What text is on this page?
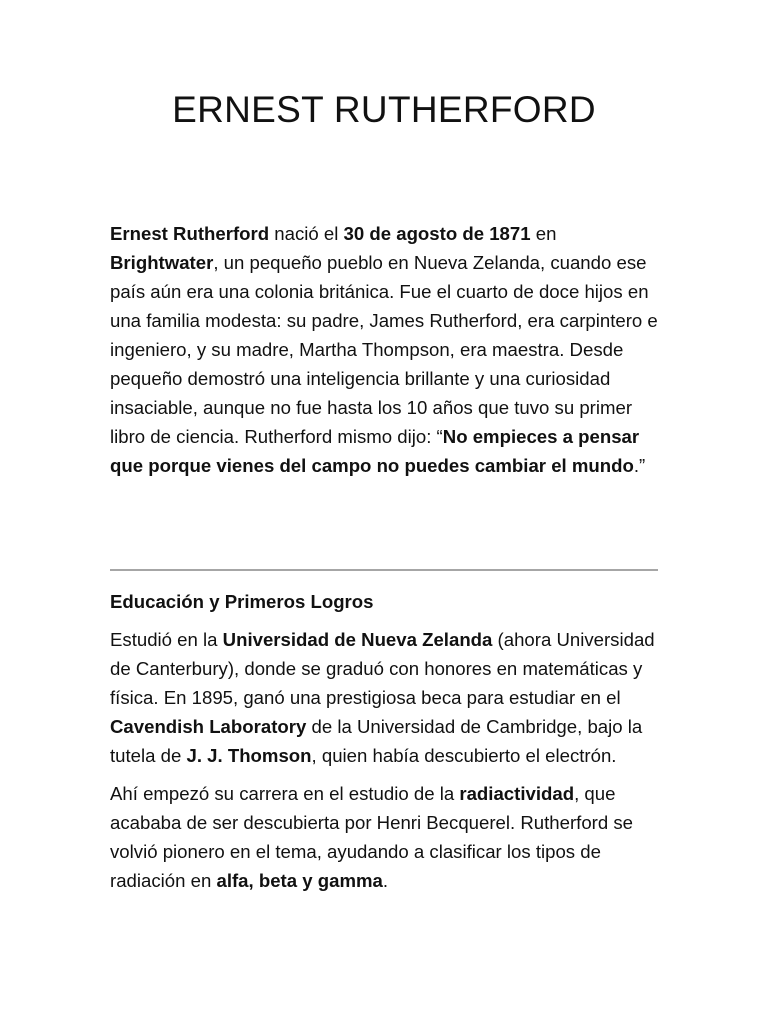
ERNEST RUTHERFORD

Ernest Rutherford nació el 30 de agosto de 1871 en Brightwater, un pequeño pueblo en Nueva Zelanda, cuando ese país aún era una colonia británica. Fue el cuarto de doce hijos en una familia modesta: su padre, James Rutherford, era carpintero e ingeniero, y su madre, Martha Thompson, era maestra. Desde pequeño demostró una inteligencia brillante y una curiosidad insaciable, aunque no fue hasta los 10 años que tuvo su primer libro de ciencia. Rutherford mismo dijo: “No empieces a pensar que porque vienes del campo no puedes cambiar el mundo.”

Educación y Primeros Logros

Estudió en la Universidad de Nueva Zelanda (ahora Universidad de Canterbury), donde se graduó con honores en matemáticas y física. En 1895, ganó una prestigiosa beca para estudiar en el Cavendish Laboratory de la Universidad de Cambridge, bajo la tutela de J. J. Thomson, quien había descubierto el electrón.

Ahí empezó su carrera en el estudio de la radiactividad, que acababa de ser descubierta por Henri Becquerel. Rutherford se volvió pionero en el tema, ayudando a clasificar los tipos de radiación en alfa, beta y gamma.
